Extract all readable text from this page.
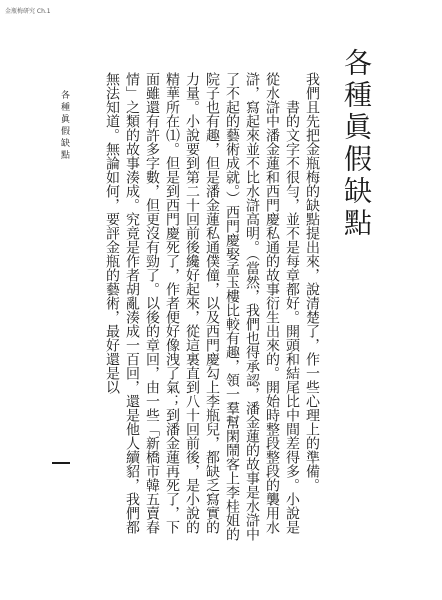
金瓶梅研究 Ch.1
各種眞假缺點

我們且先把金瓶梅的缺點提出來，說清楚了，作一些心理上的準備。

書的文字不很勻，並不是每章都好。開頭和結尾比中間差得多。小說是從水滸中潘金蓮和西門慶私通的故事衍生出來的。開始時整段整段的襲用水滸，寫起來並不比水滸高明。（當然，我們也得承認，潘金蓮的故事是水滸中了不起的藝術成就。）西門慶娶孟玉樓比較有趣，領一羣幫閑鬧客上李桂姐的院子也有趣，但是潘金蓮私通僕僮，以及西門慶勾上李瓶兒，都缺乏寫實的力量。小說要到第二十回前後纔好起來，從這裏直到八十回前後，是小說的精華所在⑴。但是到西門慶死了，作者便好像洩了氣；到潘金蓮再死了，下面雖還有許多字數，但更沒有勁了。以後的章回，由一些「新橋市韓五賣春情」之類的故事湊成。究竟是作者胡亂湊成一百回，還是他人續貂，我們都無法知道。無論如何，要評金瓶的藝術，最好還是以

各種眞假缺點
